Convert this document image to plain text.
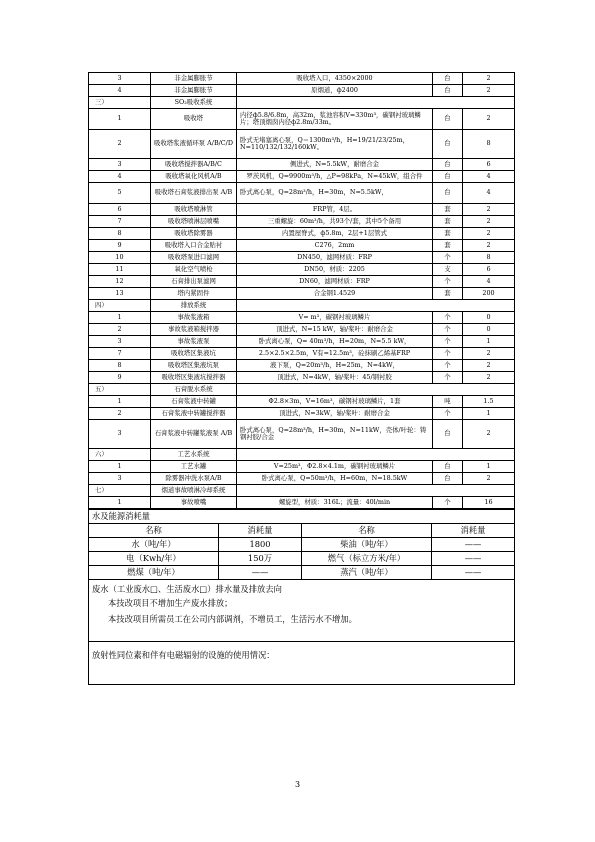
3	非金属膨胀节	吸收塔入口，4350×2000	台	2
4	非金属膨胀节	原烟道，ф2400	台	2
三）	SO₂吸收系统			
1	吸收塔	内径ф5.8/6.8m，高32m，浆池容积V=330m³，碳钢衬玻璃鳞片；塔顶烟囱内径ф2.8m/33m。	台	2
2	吸收塔浆液循环泵 A/B/C/D	卧式无堵塞离心泵，Q＝1300m³/h，H=19/21/23/25m，N=110/132/132/160kW。	台	8
3	吸收塔搅拌器A/B/C	侧进式，N=5.5kW，耐磨合金	台	6
4	吸收塔氧化风机A/B	罗茨风机，Q=9900m³/h，△P=98kPa，N=45kW，组合件	台	4
5	吸收塔石膏浆液排出泵 A/B	卧式离心泵，Q=28m³/h，H=30m，N=5.5kW，	台	4
6	吸收塔喷淋管	FRP管，4层。	套	2
7	吸收塔喷淋层喷嘴	三重螺旋：60m³/h，共93个/套，其中5个备用	套	2
8	吸收塔除雾器	内置屋脊式，ф5.8m，2层+1层管式	套	2
9	吸收塔入口合金贴衬	C276，2mm	套	2
10	吸收塔泵进口滤网	DN450，滤网材质：FRP	个	8
11	氧化空气喷枪	DN50，材质：2205	支	6
12	石膏排出泵滤网	DN60，滤网材质：FRP	个	4
13	塔内紧固件	合金钢1.4529	套	200
四）	排放系统			
1	事故浆液箱	V= m³，碳钢衬玻璃鳞片	个	0
2	事故浆液箱搅拌器	顶进式，N=15 kW，轴/桨叶：耐磨合金	个	0
3	事故浆液泵	卧式离心泵，Q= 40m³/h，H=20m，N=5.5 kW，	个	1
7	吸收塔区集液坑	2.5×2.5×2.5m，V有=12.5m³，砼抹刷乙烯基FRP	个	2
8	吸收塔区集液坑泵	液下泵，Q=20m³/h，H=25m，N=4kW，	个	2
9	吸收塔区集液坑搅拌器	顶进式，N=4kW，轴/桨叶：45/钢衬胶	个	2
五）	石膏脱水系统			
1	石膏浆液中转罐	Φ2.8×3m，V=16m³，碳钢衬玻璃鳞片，1套	吨	1.5
2	石膏浆液中转罐搅拌器	顶进式，N=3kW，轴/桨叶：耐磨合金	个	1
3	石膏浆液中转罐浆液泵 A/B	卧式离心泵，Q=28m³/h，H=30m，N=11kW，壳体/叶轮：铸钢衬胶/合金	台	2
六）	工艺水系统			
1	工艺水罐	V=25m³，Φ2.8×4.1m，碳钢衬玻璃鳞片	台	1
3	除雾器冲洗水泵A/B	卧式离心泵，Q=50m³/h，H=60m，N=18.5kW	台	2
七）	烟道事故喷淋冷却系统			
1	事故喷嘴	螺旋型，材质：316L；流量：40l/min	个	16
水及能源消耗量			
名称	消耗量	名称	消耗量
水（吨/年）	1800	柴油（吨/年）	——
电（Kwh/年）	150万	燃气（标立方米/年）	——
燃煤（吨/年）	——	蒸汽（吨/年）	——

废水（工业废水□、生活废水□）排水量及排放去向
本技改项目不增加生产废水排放；
本技改项目所需员工在公司内部调剂，不增员工，生活污水不增加。			

放射性同位素和伴有电磁辐射的设施的使用情况：			
3
